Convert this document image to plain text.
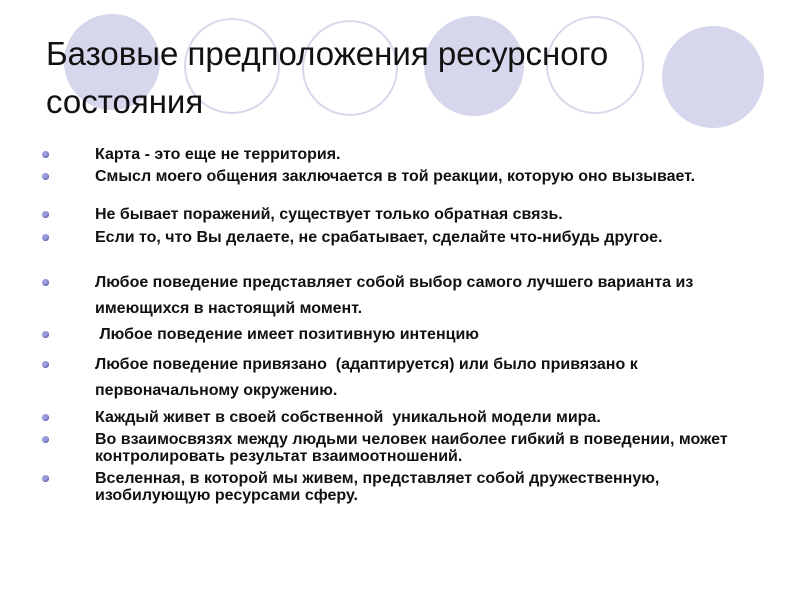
Базовые предположения ресурсного состояния
Карта - это еще не территория.
Смысл моего общения заключается в той реакции, которую оно вызывает.
Не бывает поражений, существует только обратная связь.
Если то, что Вы делаете, не срабатывает, сделайте что-нибудь другое.
Любое поведение представляет собой выбор самого лучшего варианта из имеющихся в настоящий момент.
Любое поведение имеет позитивную интенцию
Любое поведение привязано  (адаптируется) или было привязано к первоначальному окружению.
Каждый живет в своей собственной  уникальной модели мира.
Во взаимосвязях между людьми человек наиболее гибкий в поведении, может контролировать результат взаимоотношений.
Вселенная, в которой мы живем, представляет собой дружественную, изобилующую ресурсами сферу.
